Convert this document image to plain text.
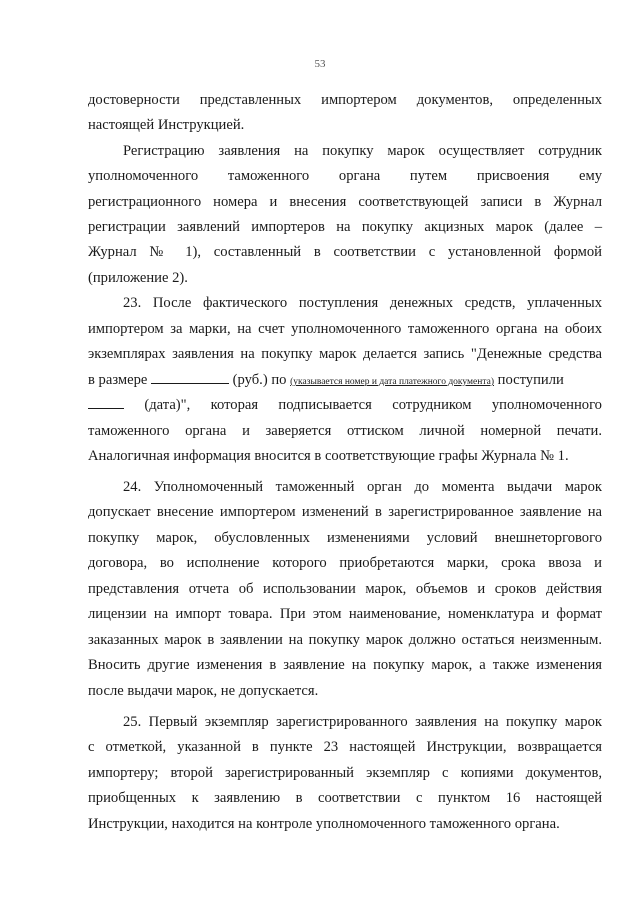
53
достоверности представленных импортером документов, определенных
настоящей Инструкцией.
Регистрацию заявления на покупку марок осуществляет сотрудник
уполномоченного таможенного органа путем присвоения ему
регистрационного номера и внесения соответствующей записи в Журнал
регистрации заявлений импортеров на покупку акцизных марок (далее –
Журнал № 1), составленный в соответствии с установленной формой
(приложение 2).
23. После фактического поступления денежных средств, уплаченных
импортером за марки, на счет уполномоченного таможенного органа на обоих
экземплярах заявления на покупку марок делается запись "Денежные средства
в размере	(руб.) по (указывается номер и дата платежного документа) поступили
(дата)", которая подписывается сотрудником уполномоченного
таможенного органа и заверяется оттиском личной номерной печати.
Аналогичная информация вносится в соответствующие графы Журнала № 1.
24. Уполномоченный таможенный орган до момента выдачи марок
допускает внесение импортером изменений в зарегистрированное заявление на
покупку марок, обусловленных изменениями условий внешнеторгового
договора, во исполнение которого приобретаются марки, срока ввоза и
представления отчета об использовании марок, объемов и сроков действия
лицензии на импорт товара. При этом наименование, номенклатура и формат
заказанных марок в заявлении на покупку марок должно остаться неизменным.
Вносить другие изменения в заявление на покупку марок, а также изменения
после выдачи марок, не допускается.
25. Первый экземпляр зарегистрированного заявления на покупку марок
с отметкой, указанной в пункте 23 настоящей Инструкции, возвращается
импортеру; второй зарегистрированный экземпляр с копиями документов,
приобщенных к заявлению в соответствии с пунктом 16 настоящей
Инструкции, находится на контроле уполномоченного таможенного органа.
